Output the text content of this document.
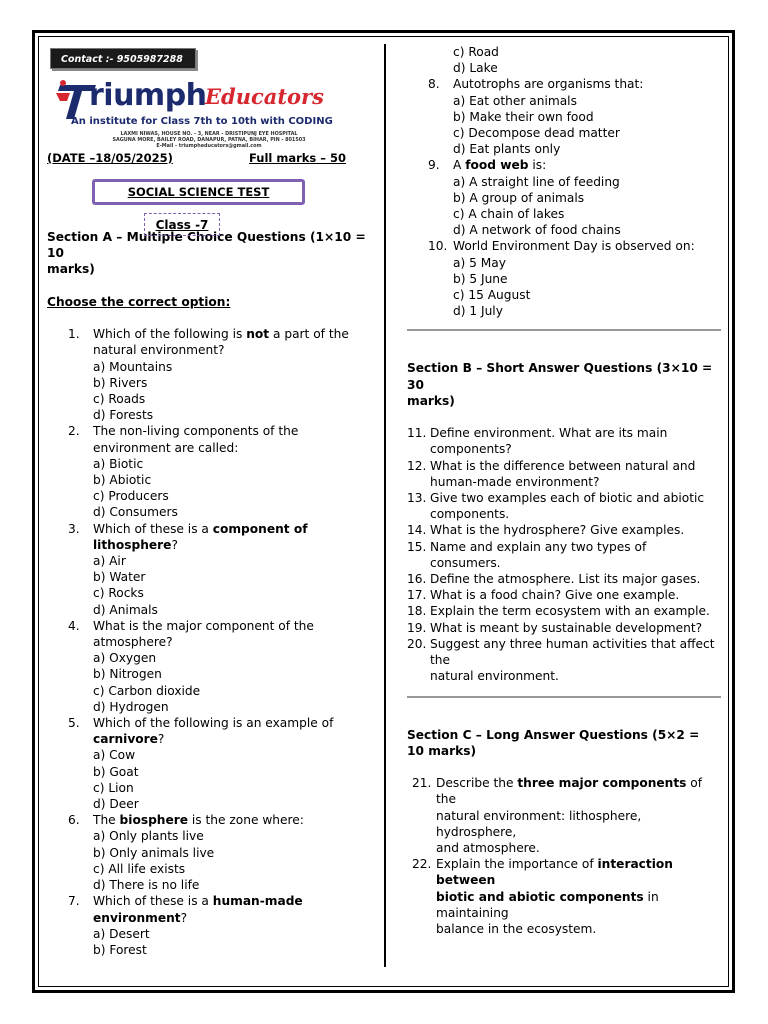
Contact :- 9505987288
riumph
Educators
An institute for Class 7th to 10th with CODING
LAXMI NIWAS, HOUSE NO. - 3, NEAR - DRISTIPUNJ EYE HOSPITAL
SAGUNA MORE, BAILEY ROAD, DANAPUR, PATNA, BIHAR, PIN - 801503
E-Mail - triumpheducators@gmail.com
(DATE –18/05/2025)	Full marks – 50
SOCIAL SCIENCE TEST
Class -7
Section A – Multiple Choice Questions (1×10 = 10
marks)
Choose the correct option:
1. Which of the following is not a part of the
natural environment?
a) Mountains
b) Rivers
c) Roads
d) Forests
2. The non-living components of the
environment are called:
a) Biotic
b) Abiotic
c) Producers
d) Consumers
3. Which of these is a component of
lithosphere?
a) Air
b) Water
c) Rocks
d) Animals
4. What is the major component of the
atmosphere?
a) Oxygen
b) Nitrogen
c) Carbon dioxide
d) Hydrogen
5. Which of the following is an example of
carnivore?
a) Cow
b) Goat
c) Lion
d) Deer
6. The biosphere is the zone where:
a) Only plants live
b) Only animals live
c) All life exists
d) There is no life
7. Which of these is a human-made
environment?
a) Desert
b) Forest
c) Road
d) Lake
8. Autotrophs are organisms that:
a) Eat other animals
b) Make their own food
c) Decompose dead matter
d) Eat plants only
9. A food web is:
a) A straight line of feeding
b) A group of animals
c) A chain of lakes
d) A network of food chains
10. World Environment Day is observed on:
a) 5 May
b) 5 June
c) 15 August
d) 1 July
Section B – Short Answer Questions (3×10 = 30
marks)
11. Define environment. What are its main
components?
12. What is the difference between natural and
human-made environment?
13. Give two examples each of biotic and abiotic
components.
14. What is the hydrosphere? Give examples.
15. Name and explain any two types of consumers.
16. Define the atmosphere. List its major gases.
17. What is a food chain? Give one example.
18. Explain the term ecosystem with an example.
19. What is meant by sustainable development?
20. Suggest any three human activities that affect the
natural environment.
Section C – Long Answer Questions (5×2 = 10 marks)
21. Describe the three major components of the
natural environment: lithosphere, hydrosphere,
and atmosphere.
22. Explain the importance of interaction between
biotic and abiotic components in maintaining
balance in the ecosystem.
